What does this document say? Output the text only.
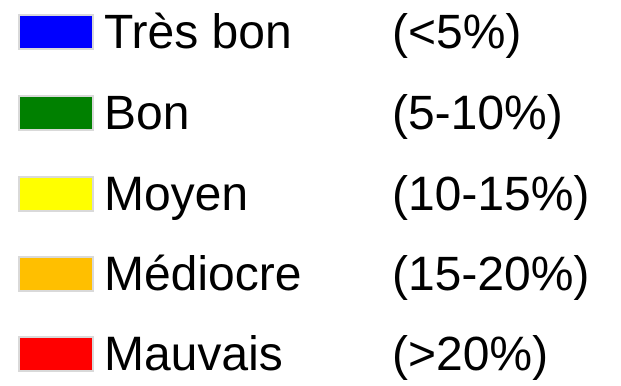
Très bon (<5%)
Bon	(5-10%)
Moyen	(10-15%)
Médiocre (15-20%)
Mauvais (>20%)
